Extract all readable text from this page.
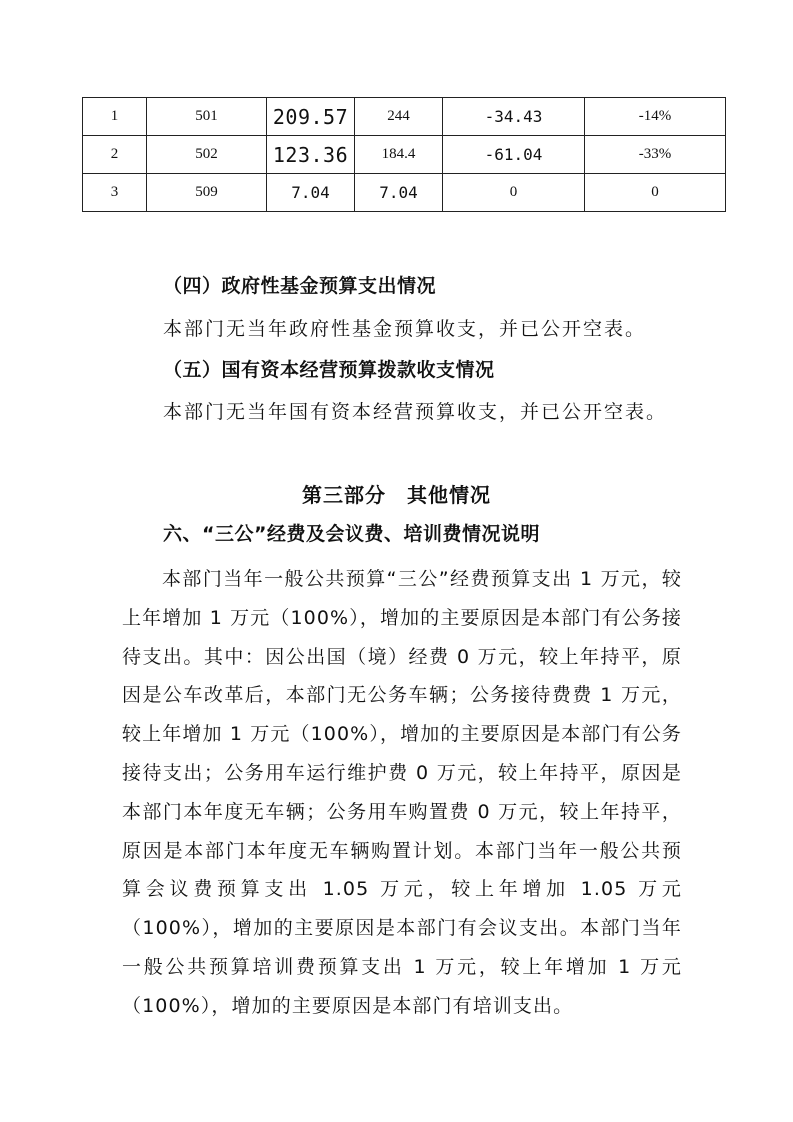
1	501	209.57	244	-34.43	-14%
2	502	123.36	184.4	-61.04	-33%
3	509	7.04	7.04	0	0
（四）政府性基金预算支出情况
本部门无当年政府性基金预算收支，并已公开空表。
（五）国有资本经营预算拨款收支情况
本部门无当年国有资本经营预算收支，并已公开空表。
第三部分　其他情况
六、“三公”经费及会议费、培训费情况说明
本部门当年一般公共预算“三公”经费预算支出 1 万元，较上年增加 1 万元（100%），增加的主要原因是本部门有公务接待支出。其中：因公出国（境）经费 0 万元，较上年持平，原因是公车改革后，本部门无公务车辆；公务接待费费 1 万元，较上年增加 1 万元（100%），增加的主要原因是本部门有公务接待支出；公务用车运行维护费 0 万元，较上年持平，原因是本部门本年度无车辆；公务用车购置费 0 万元，较上年持平，原因是本部门本年度无车辆购置计划。本部门当年一般公共预算会议费预算支出 1.05 万元，较上年增加 1.05 万元（100%），增加的主要原因是本部门有会议支出。本部门当年一般公共预算培训费预算支出 1 万元，较上年增加 1 万元（100%），增加的主要原因是本部门有培训支出。
